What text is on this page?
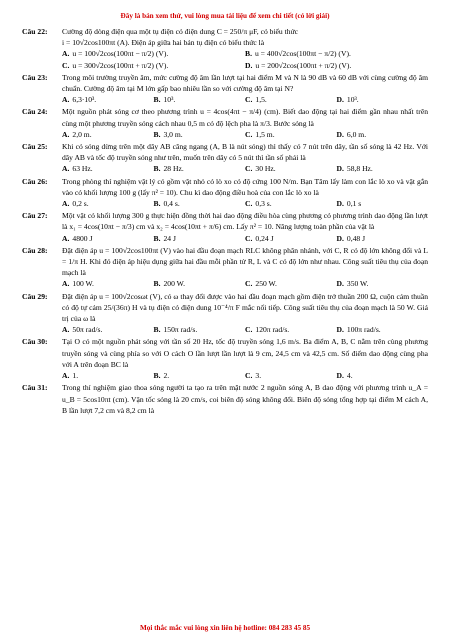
Đây là bản xem thử, vui lòng mua tài liệu để xem chi tiết (có lời giải)
Câu 22:	Cường độ dòng điện qua một tụ điện có điện dung C = 250/π μF, có biểu thức
i = 10√2cos100πt (A). Điện áp giữa hai bản tụ điện có biểu thức là
A. u = 100√2cos(100πt − π/2) (V).	B. u = 400√2cos(100πt − π/2) (V).
C. u = 300√2cos(100πt + π/2) (V).	D. u = 200√2cos(100πt + π/2) (V).
Câu 23:	Trong môi trường truyền âm, mức cường độ âm lần lượt tại hai điểm M và N là 90 dB và 60 dB với cùng cường độ âm chuẩn. Cường độ âm tại M lớn gấp bao nhiêu lần so với cường độ âm tại N?
A. 6,3·10³.	B. 10³.	C. 1,5.	D. 10³.
Câu 24:	Một nguồn phát sóng cơ theo phương trình u = 4cos(4πt − π/4) (cm). Biết dao động tại hai điểm gần nhau nhất trên cùng một phương truyền sóng cách nhau 0,5 m có độ lệch pha là π/3. Bước sóng là
A. 2,0 m.	B. 3,0 m.	C. 1,5 m.	D. 6,0 m.
Câu 25:	Khi có sóng dừng trên một dây AB căng ngang (A, B là nút sóng) thì thấy có 7 nút trên dây, tần số sóng là 42 Hz. Với dây AB và tốc độ truyền sóng như trên, muốn trên dây có 5 nút thì tần số phải là
A. 63 Hz.	B. 28 Hz.	C. 30 Hz.	D. 58,8 Hz.
Câu 26:	Trong phòng thí nghiệm vật lý có gồm vật nhỏ có lò xo có độ cứng 100 N/m. Bạn Tâm lấy làm con lắc lò xo và vật gắn vào có khối lượng 100 g (lấy π² = 10). Chu kì dao động điều hoà của con lắc lò xo là
A. 0,2 s.	B. 0,4 s.	C. 0,3 s.	D. 0,1 s
Câu 27:	Một vật có khối lượng 300 g thực hiện đồng thời hai dao động điều hòa cùng phương có phương trình dao động lần lượt là x₁ = 4cos(10πt − π/3) cm và x₂ = 4cos(10πt + π/6) cm. Lấy π² = 10. Năng lượng toàn phần của vật là
A. 4800 J	B. 24 J	C. 0,24 J	D. 0,48 J
Câu 28:	Đặt điện áp u = 100√2cos100πt (V) vào hai đầu đoạn mạch RLC không phân nhánh, với C, R có độ lớn không đổi và L = 1/π H. Khi đó điện áp hiệu dụng giữa hai đầu mỗi phần tử R, L và C có độ lớn như nhau. Công suất tiêu thụ của đoạn mạch là
A. 100 W.	B. 200 W.	C. 250 W.	D. 350 W.
Câu 29:	Đặt điện áp u = 100√2cosωt (V), có ω thay đổi được vào hai đầu đoạn mạch gồm điện trở thuần 200 Ω, cuộn cảm thuần có độ tự cảm 25/(36π) H và tụ điện có điện dung 10⁻⁴/π F mắc nối tiếp. Công suất tiêu thụ của đoạn mạch là 50 W. Giá trị của ω là
A. 50π rad/s.	B. 150π rad/s.	C. 120π rad/s.	D. 100π rad/s.
Câu 30:	Tại O có một nguồn phát sóng với tần số 20 Hz, tốc độ truyền sóng 1,6 m/s. Ba điểm A, B, C nằm trên cùng phương truyền sóng và cùng phía so với O cách O lần lượt lần lượt là 9 cm, 24,5 cm và 42,5 cm. Số điểm dao động cùng pha với A trên đoạn BC là
A. 1.	B. 2.	C. 3.	D. 4.
Câu 31:	Trong thí nghiệm giao thoa sóng người ta tạo ra trên mặt nước 2 nguồn sóng A, B dao động với phương trình u_A = u_B = 5cos10πt (cm). Vận tốc sóng là 20 cm/s, coi biên độ sóng không đổi. Biên độ sóng tổng hợp tại điểm M cách A, B lần lượt 7,2 cm và 8,2 cm là
Mọi thắc mắc vui lòng xin liên hệ hotline: 084 283 45 85
